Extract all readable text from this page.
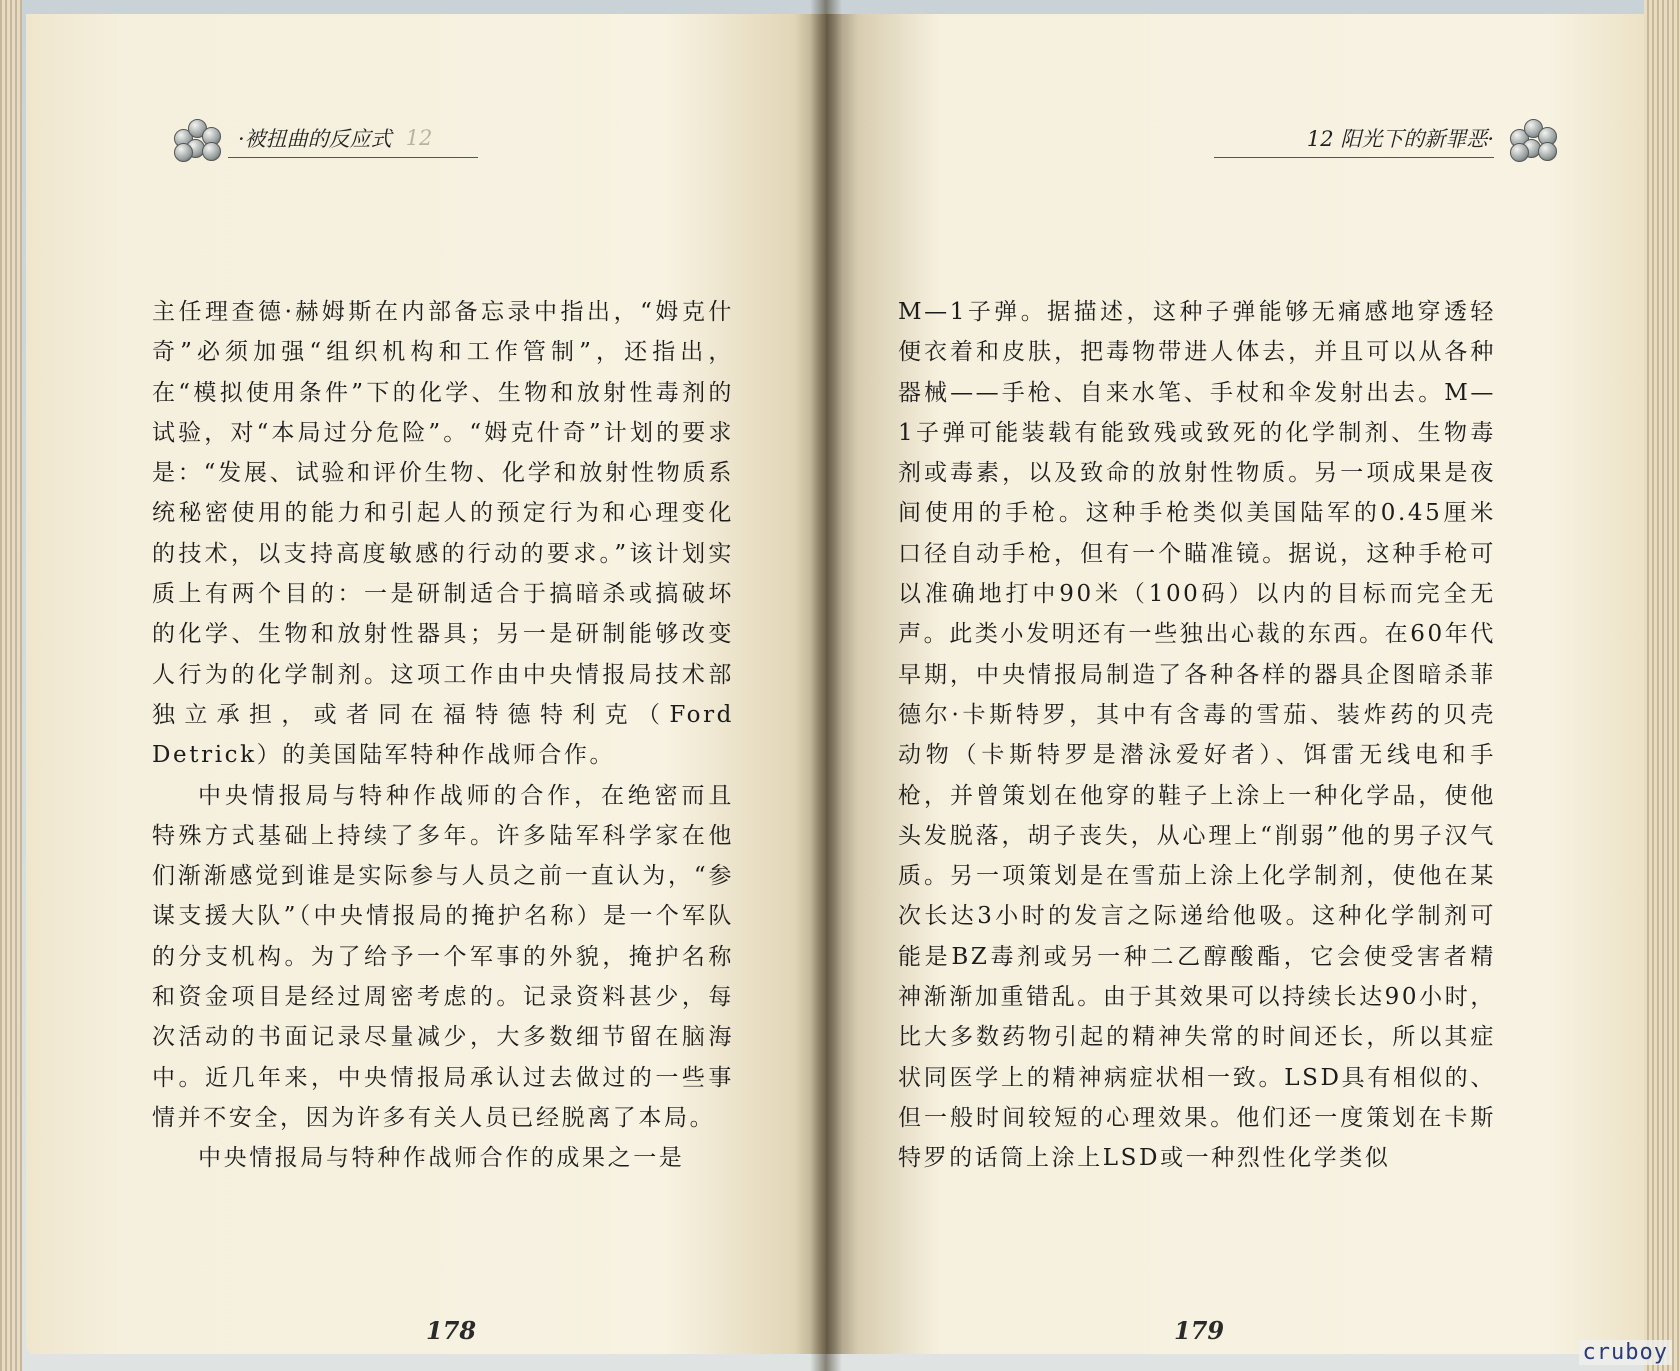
·被扭曲的反应式 12

主任理查德·赫姆斯在内部备忘录中指出，“姆克什奇”必须加强“组织机构和工作管制”，还指出，在“模拟使用条件”下的化学、生物和放射性毒剂的试验，对“本局过分危险”。“姆克什奇”计划的要求是：“发展、试验和评价生物、化学和放射性物质系统秘密使用的能力和引起人的预定行为和心理变化的技术，以支持高度敏感的行动的要求。”该计划实质上有两个目的：一是研制适合于搞暗杀或搞破坏的化学、生物和放射性器具；另一是研制能够改变人行为的化学制剂。这项工作由中央情报局技术部独立承担，或者同在福特德特利克（Ford Detrick）的美国陆军特种作战师合作。

中央情报局与特种作战师的合作，在绝密而且特殊方式基础上持续了多年。许多陆军科学家在他们渐渐感觉到谁是实际参与人员之前一直认为，“参谋支援大队”（中央情报局的掩护名称）是一个军队的分支机构。为了给予一个军事的外貌，掩护名称和资金项目是经过周密考虑的。记录资料甚少，每次活动的书面记录尽量减少，大多数细节留在脑海中。近几年来，中央情报局承认过去做过的一些事情并不安全，因为许多有关人员已经脱离了本局。

中央情报局与特种作战师合作的成果之一是

178
12 阳光下的新罪恶·

M—1子弹。据描述，这种子弹能够无痛感地穿透轻便衣着和皮肤，把毒物带进人体去，并且可以从各种器械——手枪、自来水笔、手杖和伞发射出去。M—1子弹可能装载有能致残或致死的化学制剂、生物毒剂或毒素，以及致命的放射性物质。另一项成果是夜间使用的手枪。这种手枪类似美国陆军的0.45厘米口径自动手枪，但有一个瞄准镜。据说，这种手枪可以准确地打中90米（100码）以内的目标而完全无声。此类小发明还有一些独出心裁的东西。在60年代早期，中央情报局制造了各种各样的器具企图暗杀菲德尔·卡斯特罗，其中有含毒的雪茄、装炸药的贝壳动物（卡斯特罗是潜泳爱好者）、饵雷无线电和手枪，并曾策划在他穿的鞋子上涂上一种化学品，使他头发脱落，胡子丧失，从心理上“削弱”他的男子汉气质。另一项策划是在雪茄上涂上化学制剂，使他在某次长达3小时的发言之际递给他吸。这种化学制剂可能是BZ毒剂或另一种二乙醇酸酯，它会使受害者精神渐渐加重错乱。由于其效果可以持续长达90小时，比大多数药物引起的精神失常的时间还长，所以其症状同医学上的精神病症状相一致。LSD具有相似的、但一般时间较短的心理效果。他们还一度策划在卡斯特罗的话筒上涂上LSD或一种烈性化学类似

179
cruboy
